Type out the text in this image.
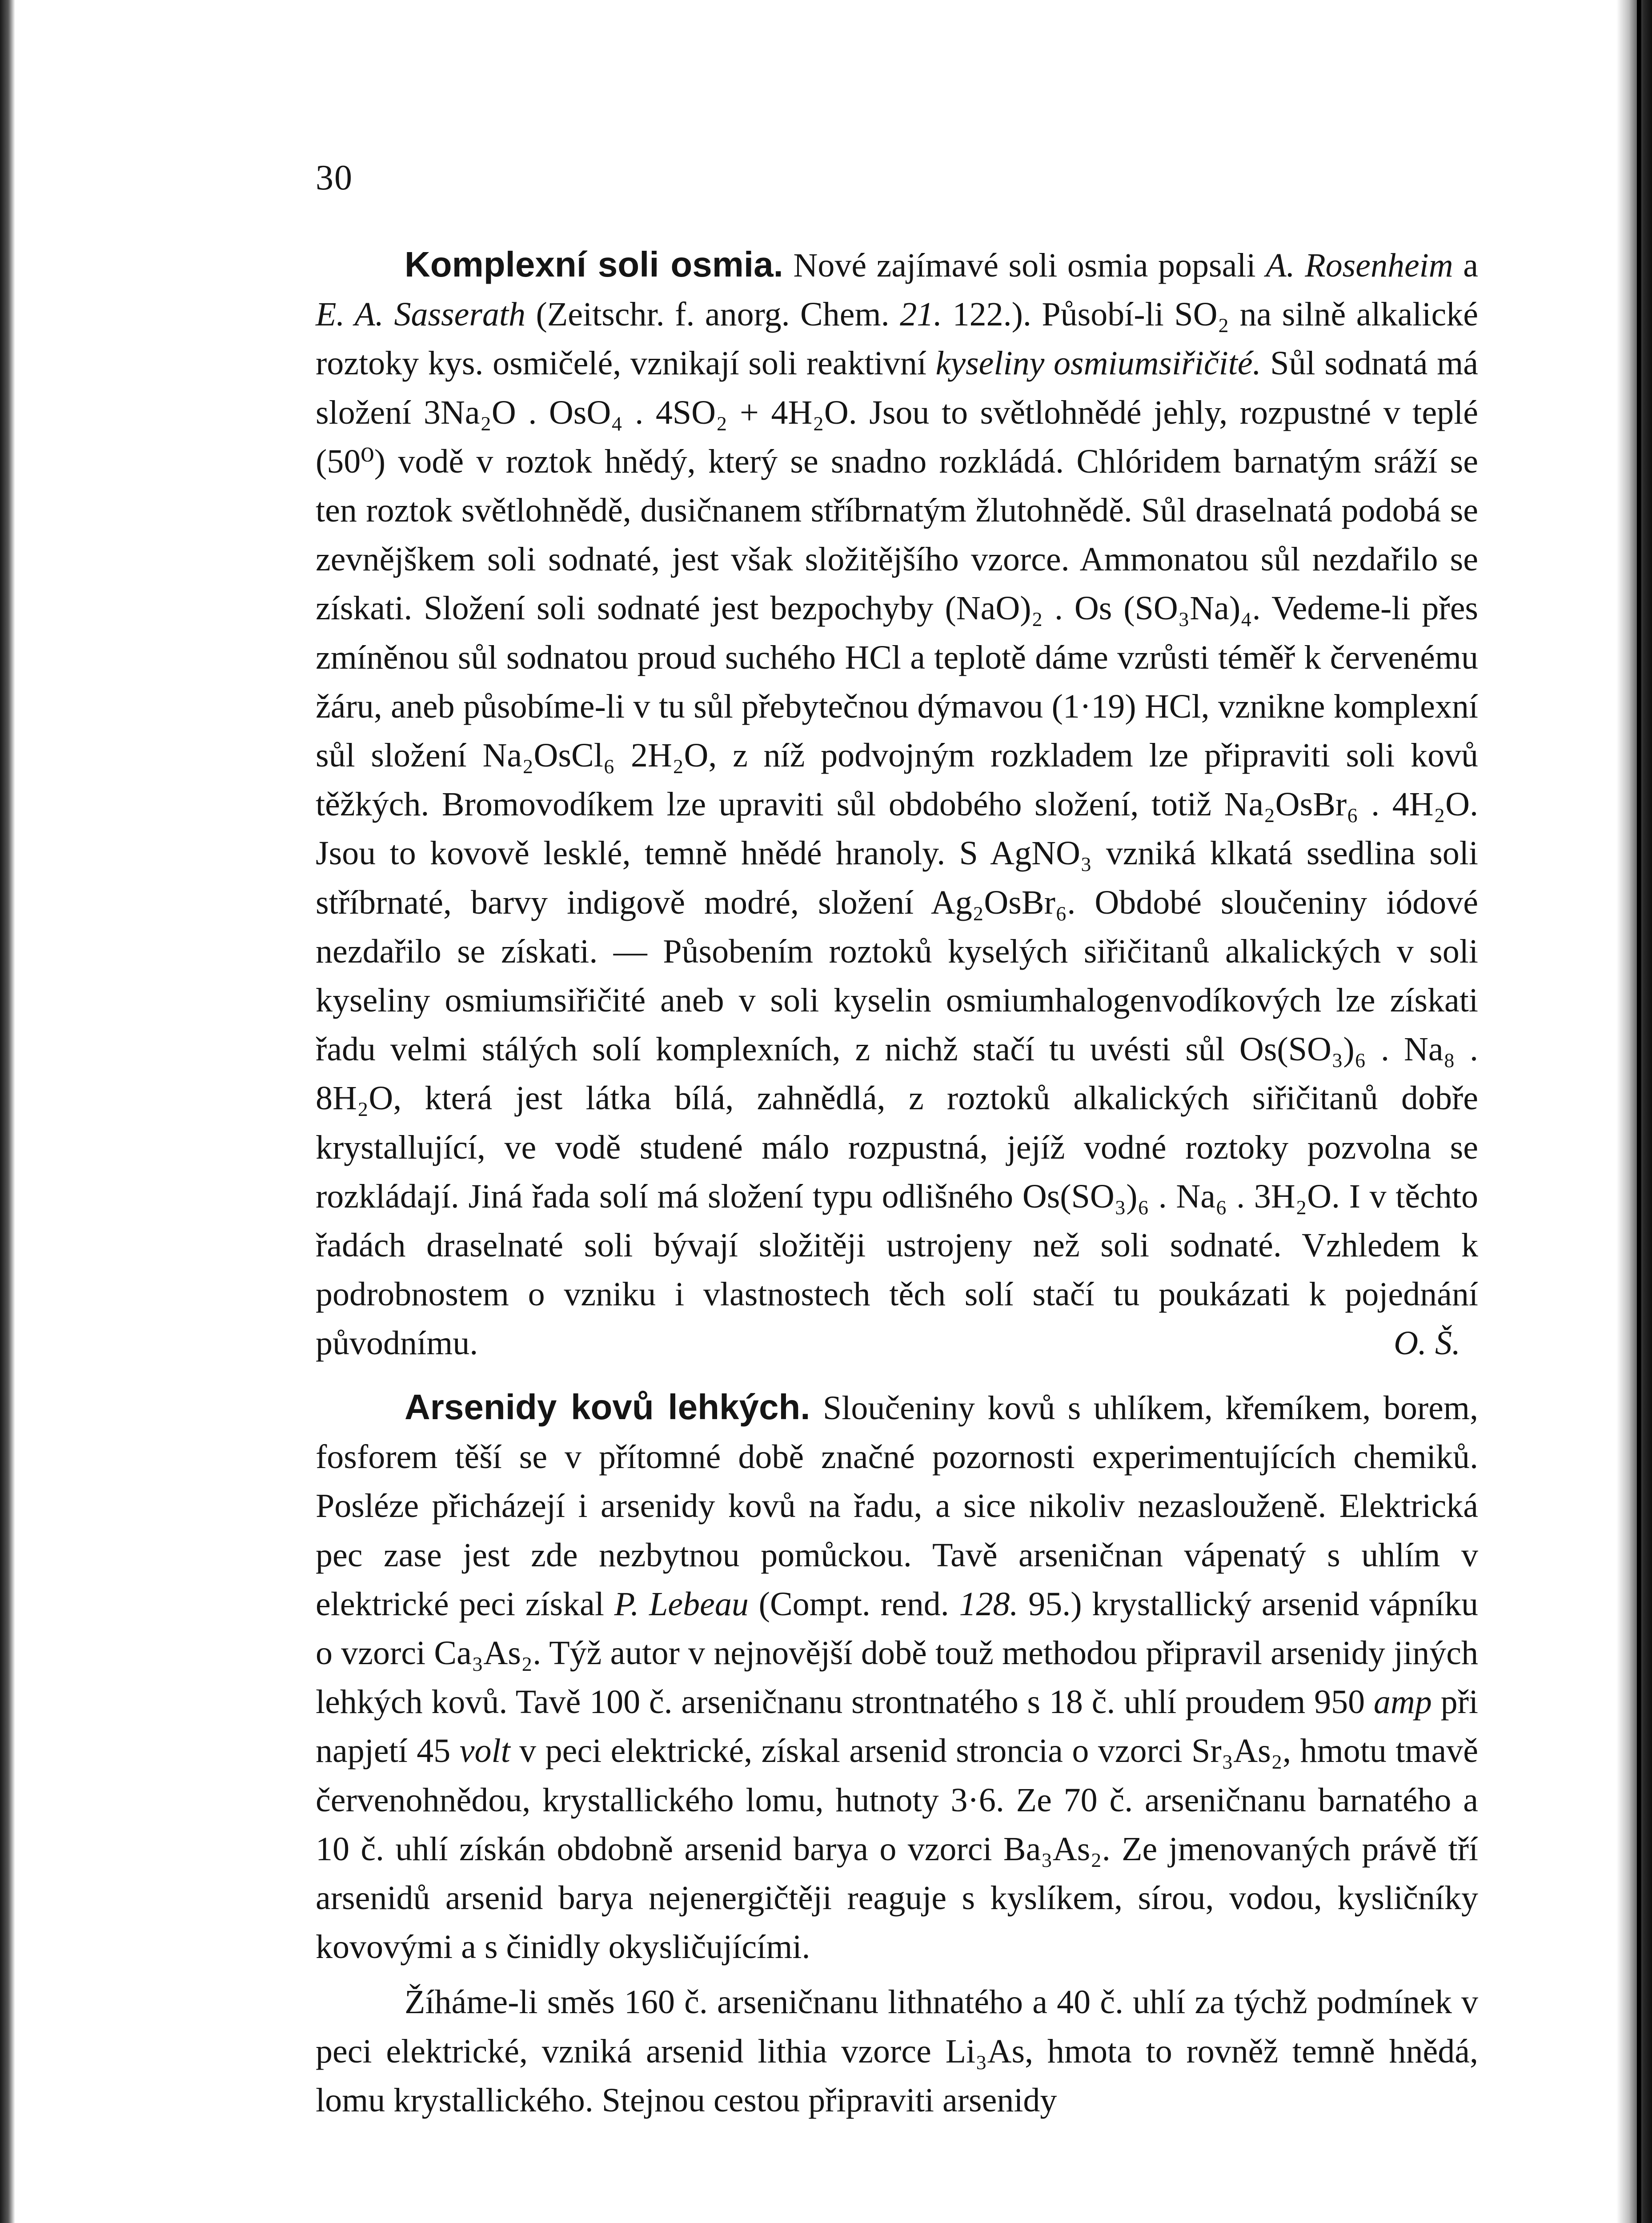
30

Komplexní soli osmia. Nové zajímavé soli osmia popsali A. Rosenheim a E. A. Sasserath (Zeitschr. f. anorg. Chem. 21. 122.). Působí-li SO₂ na silně alkalické roztoky kys. osmičelé, vznikají soli reaktivní kyseliny osmiumsiřičité. Sůl sodnatá má složení 3Na₂O . OsO₄ . 4SO₂ + 4H₂O. Jsou to světlohnědé jehly, rozpustné v teplé (50⁰) vodě v roztok hnědý, který se snadno rozkládá. Chlóridem barnatým sráží se ten roztok světlohnědě, dusičnanem stříbrnatým žlutohnědě. Sůl draselnatá podobá se zevnějškem soli sodnaté, jest však složitějšího vzorce. Ammonatou sůl nezdařilo se získati. Složení soli sodnaté jest bezpochyby (NaO)₂ . Os (SO₃Na)₄. Vedeme-li přes zmíněnou sůl sodnatou proud suchého HCl a teplotě dáme vzrůsti téměř k červenému žáru, aneb působíme-li v tu sůl přebytečnou dýmavou (1·19) HCl, vznikne komplexní sůl složení Na₂OsCl₆ 2H₂O, z níž podvojným rozkladem lze připraviti soli kovů těžkých. Bromovodíkem lze upraviti sůl obdobého složení, totiž Na₂OsBr₆ . 4H₂O. Jsou to kovově lesklé, temně hnědé hranoly. S AgNO₃ vzniká klkatá ssedlina soli stříbrnaté, barvy indigově modré, složení Ag₂OsBr₆. Obdobé sloučeniny iódové nezdařilo se získati. — Působením roztoků kyselých siřičitanů alkalických v soli kyseliny osmiumsiřičité aneb v soli kyselin osmiumhalogenvodíkových lze získati řadu velmi stálých solí komplexních, z nichž stačí tu uvésti sůl Os(SO₃)₆ . Na₈ . 8H₂O, která jest látka bílá, zahnědlá, z roztoků alkalických siřičitanů dobře krystallující, ve vodě studené málo rozpustná, jejíž vodné roztoky pozvolna se rozkládají. Jiná řada solí má složení typu odlišného Os(SO₃)₆ . Na₆ . 3H₂O. I v těchto řadách draselnaté soli bývají složitěji ustrojeny než soli sodnaté. Vzhledem k podrobnostem o vzniku i vlastnostech těch solí stačí tu poukázati k pojednání původnímu.	O. Š.

Arsenidy kovů lehkých. Sloučeniny kovů s uhlíkem, křemíkem, borem, fosforem těší se v přítomné době značné pozornosti experimentujících chemiků. Posléze přicházejí i arsenidy kovů na řadu, a sice nikoliv nezaslouženě. Elektrická pec zase jest zde nezbytnou pomůckou. Tavě arseničnan vápenatý s uhlím v elektrické peci získal P. Lebeau (Compt. rend. 128. 95.) krystallický arsenid vápníku o vzorci Ca₃As₂. Týž autor v nejnovější době touž methodou připravil arsenidy jiných lehkých kovů. Tavě 100 č. arseničnanu strontnatého s 18 č. uhlí proudem 950 amp při napjetí 45 volt v peci elektrické, získal arsenid stroncia o vzorci Sr₃As₂, hmotu tmavě červenohnědou, krystallického lomu, hutnoty 3·6. Ze 70 č. arseničnanu barnatého a 10 č. uhlí získán obdobně arsenid barya o vzorci Ba₃As₂. Ze jmenovaných právě tří arsenidů arsenid barya nejenergičtěji reaguje s kyslíkem, sírou, vodou, kysličníky kovovými a s činidly okysličujícími.

Žíháme-li směs 160 č. arseničnanu lithnatého a 40 č. uhlí za týchž podmínek v peci elektrické, vzniká arsenid lithia vzorce Li₃As, hmota to rovněž temně hnědá, lomu krystallického. Stejnou cestou připraviti arsenidy
